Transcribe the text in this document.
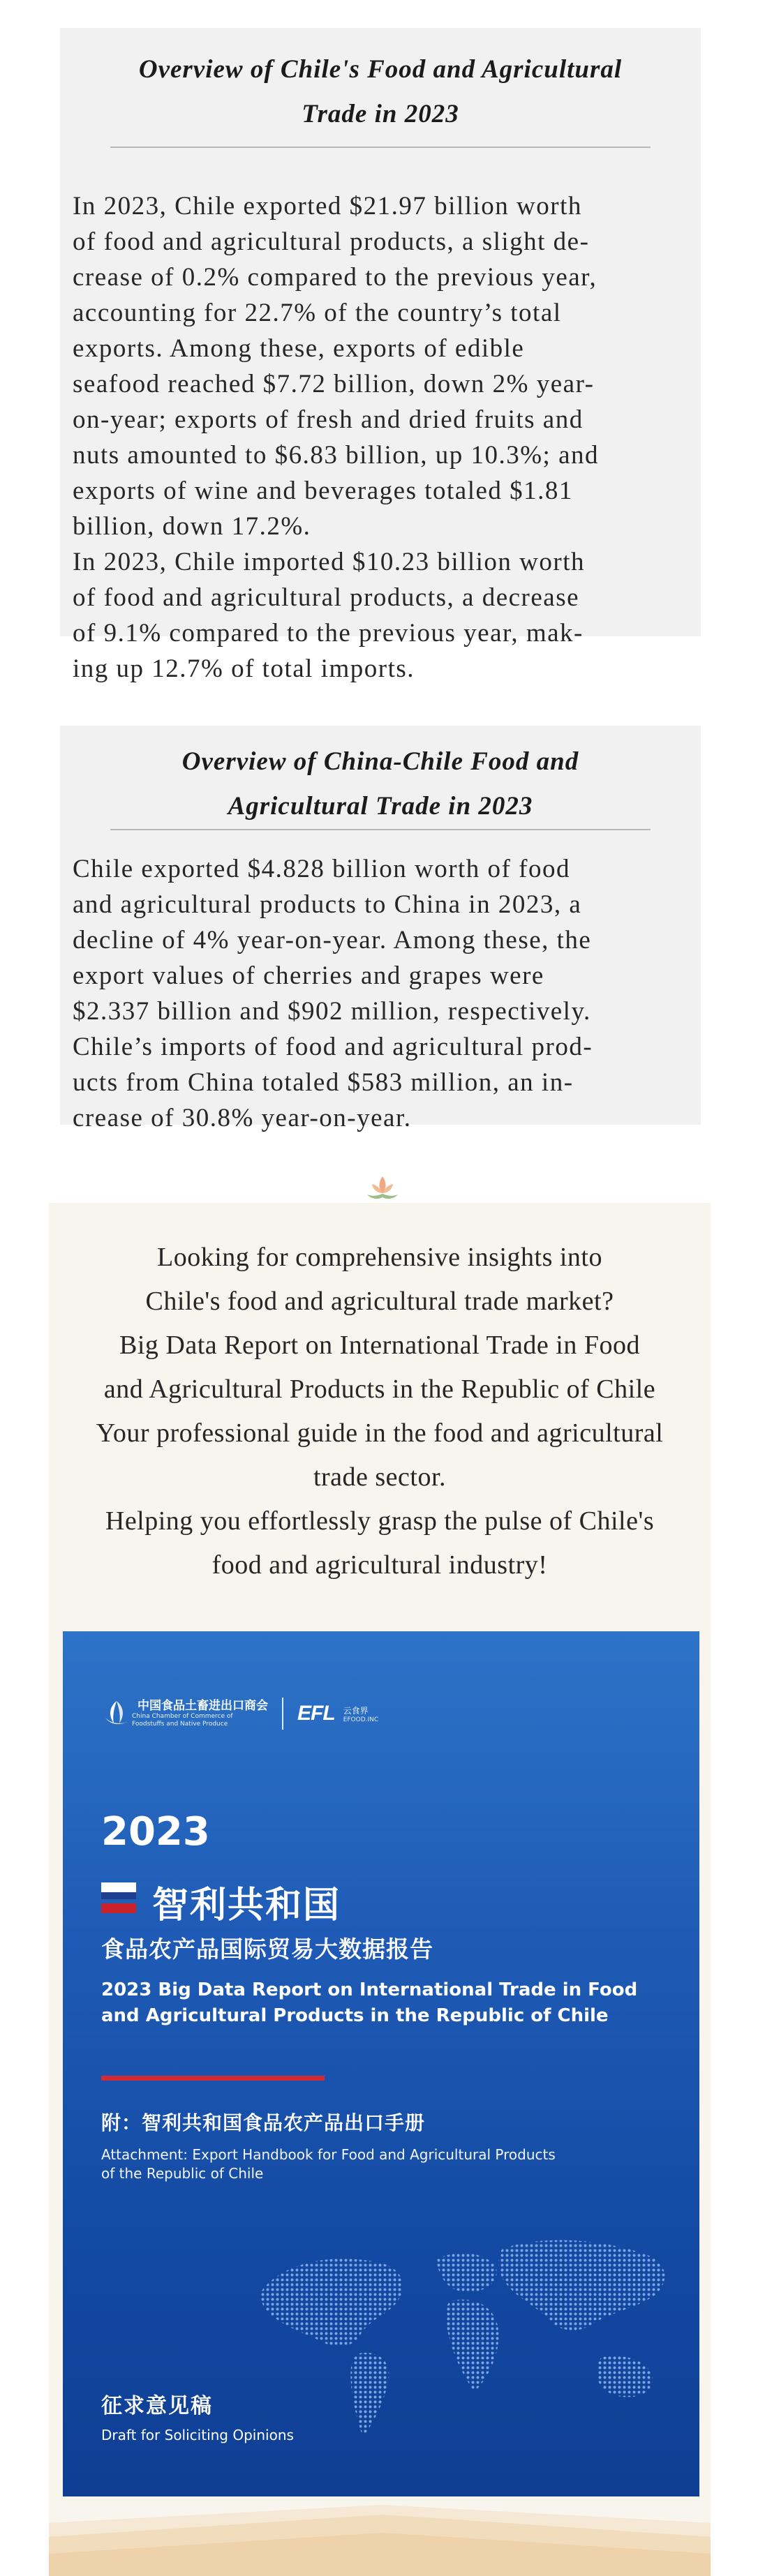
Overview of Chile's Food and Agricultural
Trade in 2023
In 2023, Chile exported $21.97 billion worth
of food and agricultural products, a slight de-
crease of 0.2% compared to the previous year,
accounting for 22.7% of the country’s total
exports. Among these, exports of edible
seafood reached $7.72 billion, down 2% year-
on-year; exports of fresh and dried fruits and
nuts amounted to $6.83 billion, up 10.3%; and
exports of wine and beverages totaled $1.81
billion, down 17.2%.
In 2023, Chile imported $10.23 billion worth
of food and agricultural products, a decrease
of 9.1% compared to the previous year, mak-
ing up 12.7% of total imports.
Overview of China-Chile Food and
Agricultural Trade in 2023
Chile exported $4.828 billion worth of food
and agricultural products to China in 2023, a
decline of 4% year-on-year. Among these, the
export values of cherries and grapes were
$2.337 billion and $902 million, respectively.
Chile’s imports of food and agricultural prod-
ucts from China totaled $583 million, an in-
crease of 30.8% year-on-year.
Looking for comprehensive insights into
Chile's food and agricultural trade market?
Big Data Report on International Trade in Food
and Agricultural Products in the Republic of Chile
Your professional guide in the food and agricultural
trade sector.
Helping you effortlessly grasp the pulse of Chile's
food and agricultural industry!
中国食品土畜进出口商会
China Chamber of Commerce of
Foodstuffs and Native Produce	EFL 云食界
EFOOD.INC
2023
智利共和国
食品农产品国际贸易大数据报告
2023 Big Data Report on International Trade in Food
and Agricultural Products in the Republic of Chile
附：智利共和国食品农产品出口手册
Attachment: Export Handbook for Food and Agricultural Products
of the Republic of Chile
征求意见稿
Draft for Soliciting Opinions
